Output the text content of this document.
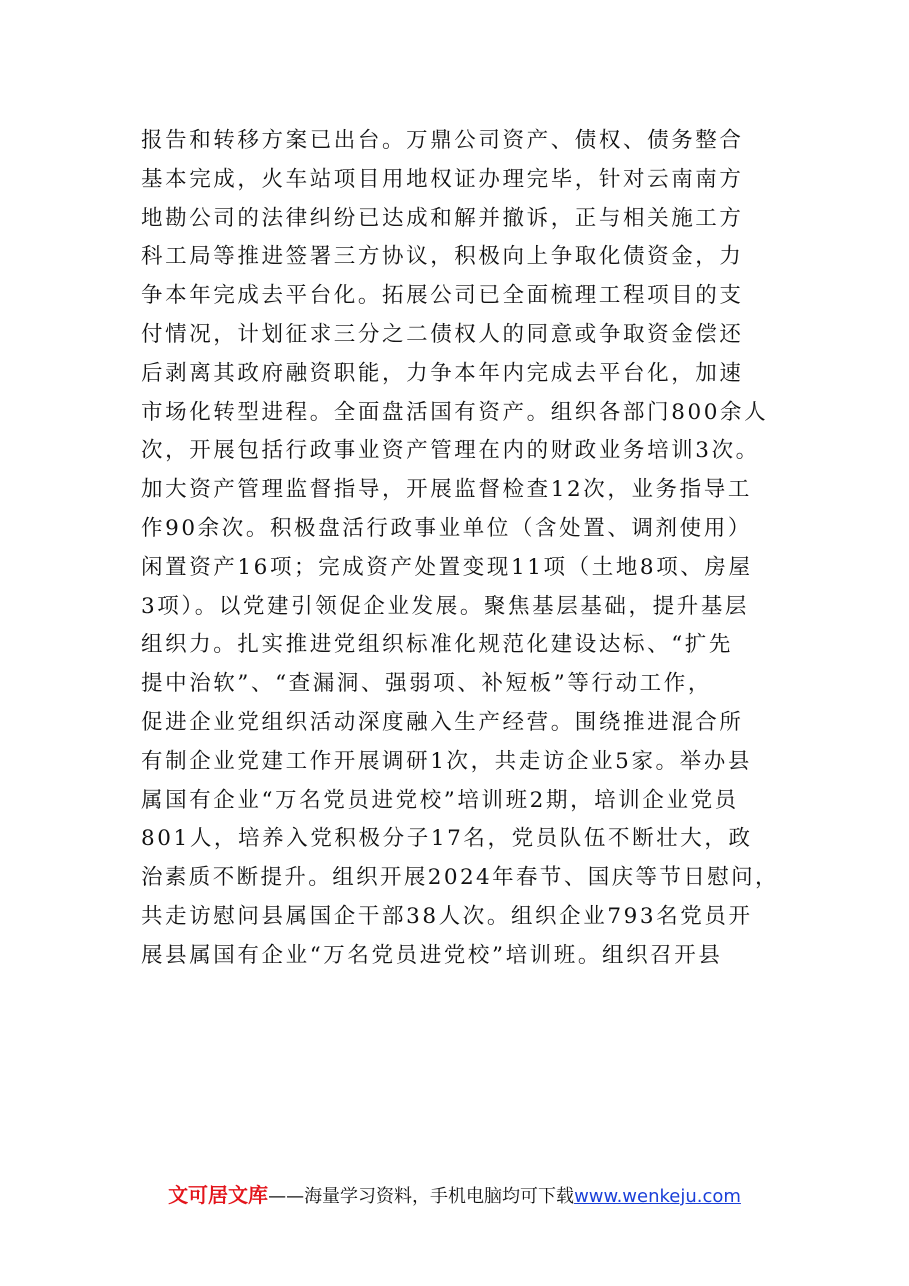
报告和转移方案已出台。万鼎公司资产、债权、债务整合
基本完成，火车站项目用地权证办理完毕，针对云南南方
地勘公司的法律纠纷已达成和解并撤诉，正与相关施工方
科工局等推进签署三方协议，积极向上争取化债资金，力
争本年完成去平台化。拓展公司已全面梳理工程项目的支
付情况，计划征求三分之二债权人的同意或争取资金偿还
后剥离其政府融资职能，力争本年内完成去平台化，加速
市场化转型进程。全面盘活国有资产。组织各部门800余人
次，开展包括行政事业资产管理在内的财政业务培训3次。
加大资产管理监督指导，开展监督检查12次，业务指导工
作90余次。积极盘活行政事业单位（含处置、调剂使用）
闲置资产16项；完成资产处置变现11项（土地8项、房屋
3项）。以党建引领促企业发展。聚焦基层基础，提升基层
组织力。扎实推进党组织标准化规范化建设达标、“扩先
提中治软”、“查漏洞、强弱项、补短板”等行动工作，
促进企业党组织活动深度融入生产经营。围绕推进混合所
有制企业党建工作开展调研1次，共走访企业5家。举办县
属国有企业“万名党员进党校”培训班2期，培训企业党员
801人，培养入党积极分子17名，党员队伍不断壮大，政
治素质不断提升。组织开展2024年春节、国庆等节日慰问，
共走访慰问县属国企干部38人次。组织企业793名党员开
展县属国有企业“万名党员进党校”培训班。组织召开县
文可居文库——海量学习资料，手机电脑均可下载www.wenkeju.com
